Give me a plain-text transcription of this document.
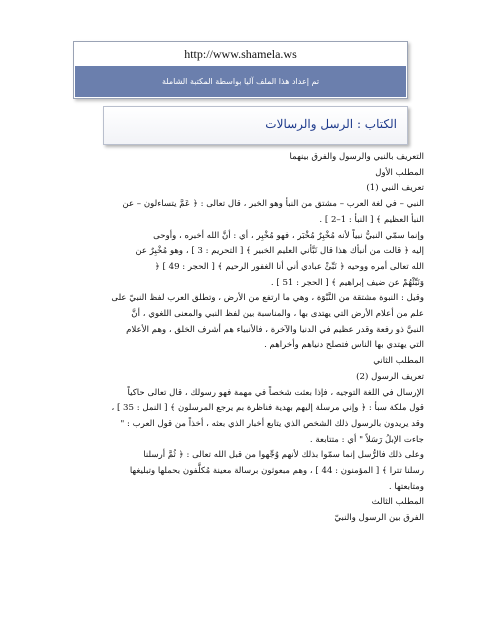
http://www.shamela.ws
تم إعداد هذا الملف آليا بواسطة المكتبة الشاملة
الكتاب : الرسل والرسالات

التعريف بالنبي والرسول والفرق بينهما

المطلب الأول

تعريف النبي (1)

النبي – في لغة العرب – مشتق من النبأ وهو الخبر ، قال تعالى : ﴿ عَمَّ يتساءلون – عن

النبأ العظيم ﴾ [ النبأ : 1–2 ] .

وإنما سمّي النبيُّ نبياً لأنه مُخْبِرٌ مُخْبَر ، فهو مُخْبِر ، أي : أنَّ الله أخبره ، وأوحى

إليه ﴿ قالت من أنبأك هذا قال نَبَّأني العليم الخبير ﴾ [ التحريم : 3 ] ، وهو مُخْبِرٌ عن

الله تعالى أمره ووحيه ﴿ نَبِّئْ عبادي أني أنا الغفور الرحيم ﴾ [ الحجر : 49 ] ﴿

وَنَبِّئْهُمْ عن ضيف إبراهيم ﴾ [ الحجر : 51 ] .

وقيل : النبوة مشتقة من النَّبْوَة ، وهي ما ارتفع من الأرض ، وتطلق العرب لفظ النبيّ على

علم من أعلام الأرض التي يهتدى بها ، والمناسبة بين لفظ النبي والمعنى اللغوي ، أنَّ

النبيَّ ذو رفعة وقدر عظيم في الدنيا والآخرة ، فالأنبياء هم أشرف الخلق ، وهم الأعلام

التي يهتدي بها الناس فتصلح دنياهم وأخراهم .

المطلب الثاني

تعريف الرسول (2)

الإرسال في اللغة التوجيه ، فإذا بعثت شخصاً في مهمة فهو رسولك ، قال تعالى حاكياً

قول ملكة سبأ : ﴿ وإني مرسلة إليهم بهدية فناظرة بم يرجع المرسلون ﴾ [ النمل : 35 ] ،

وقد يريدون بالرسول ذلك الشخص الذي يتابع أخبار الذي بعثه ، أخذاً من قول العرب : "

جاءت الإبلُ رَسَلاً " أي : متتابعة .

وعلى ذلك فالرُّسل إنما سمّوا بذلك لأنهم وُجِّهوا من قبل الله تعالى : ﴿ ثُمَّ أرسلنا

رسلنا تترا ﴾ [ المؤمنون : 44 ] ، وهم مبعوثون برسالة معينة مُكلَّفون بحملها وتبليغها

ومتابعتها .

المطلب الثالث

الفرق بين الرسول والنبيّ
